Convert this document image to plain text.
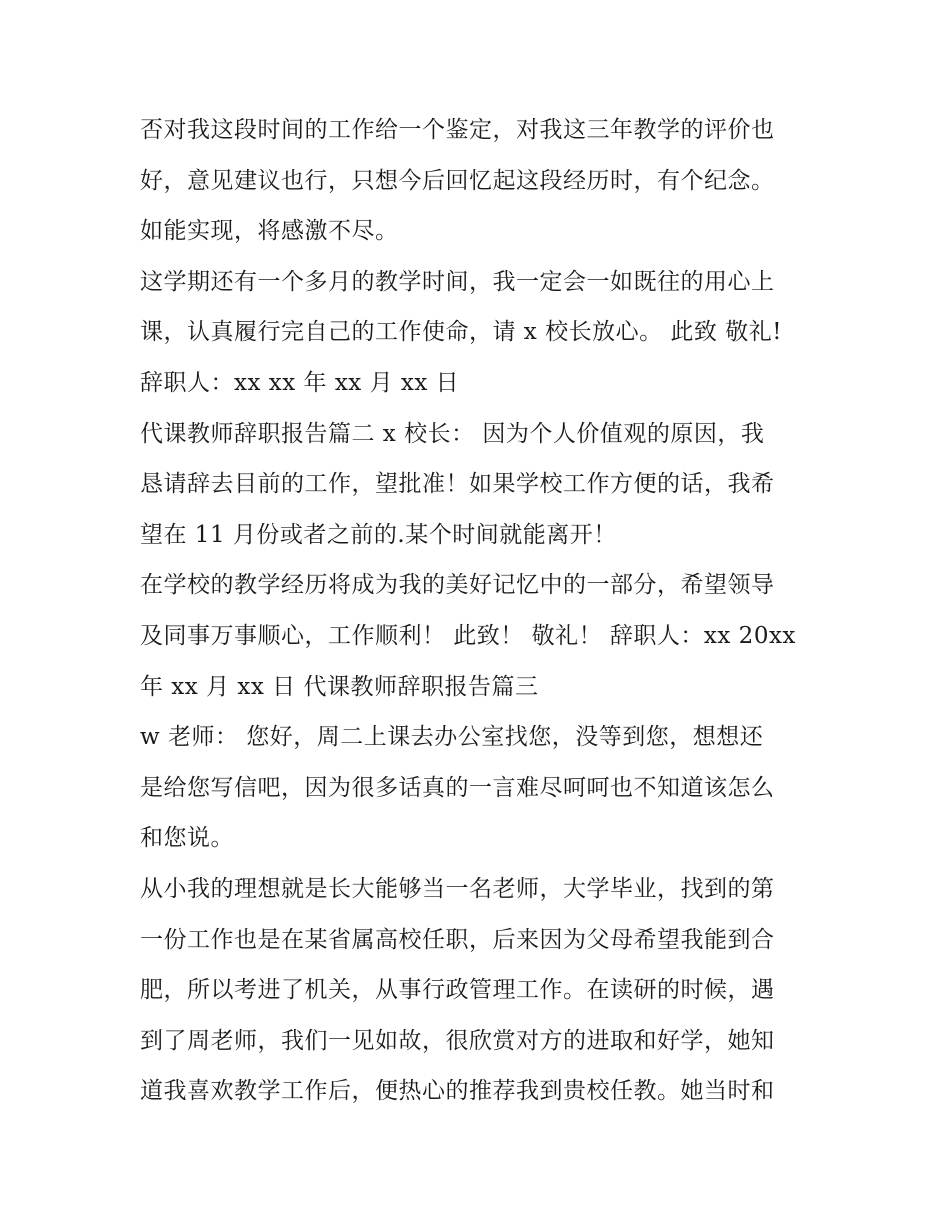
否对我这段时间的工作给一个鉴定，对我这三年教学的评价也
好，意见建议也行，只想今后回忆起这段经历时，有个纪念。
如能实现，将感激不尽。
这学期还有一个多月的教学时间，我一定会一如既往的用心上
课，认真履行完自己的工作使命，请 x 校长放心。 此致 敬礼!
辞职人：xx xx 年 xx 月 xx 日
代课教师辞职报告篇二 x 校长： 因为个人价值观的原因，我
恳请辞去目前的工作，望批准！如果学校工作方便的话，我希
望在 11 月份或者之前的.某个时间就能离开！
在学校的教学经历将成为我的美好记忆中的一部分，希望领导
及同事万事顺心，工作顺利！ 此致！ 敬礼！ 辞职人：xx 20xx
年 xx 月 xx 日 代课教师辞职报告篇三
w 老师： 您好，周二上课去办公室找您，没等到您，想想还
是给您写信吧，因为很多话真的一言难尽呵呵也不知道该怎么
和您说。
从小我的理想就是长大能够当一名老师，大学毕业，找到的第
一份工作也是在某省属高校任职，后来因为父母希望我能到合
肥，所以考进了机关，从事行政管理工作。在读研的时候，遇
到了周老师，我们一见如故，很欣赏对方的进取和好学，她知
道我喜欢教学工作后，便热心的推荐我到贵校任教。她当时和
